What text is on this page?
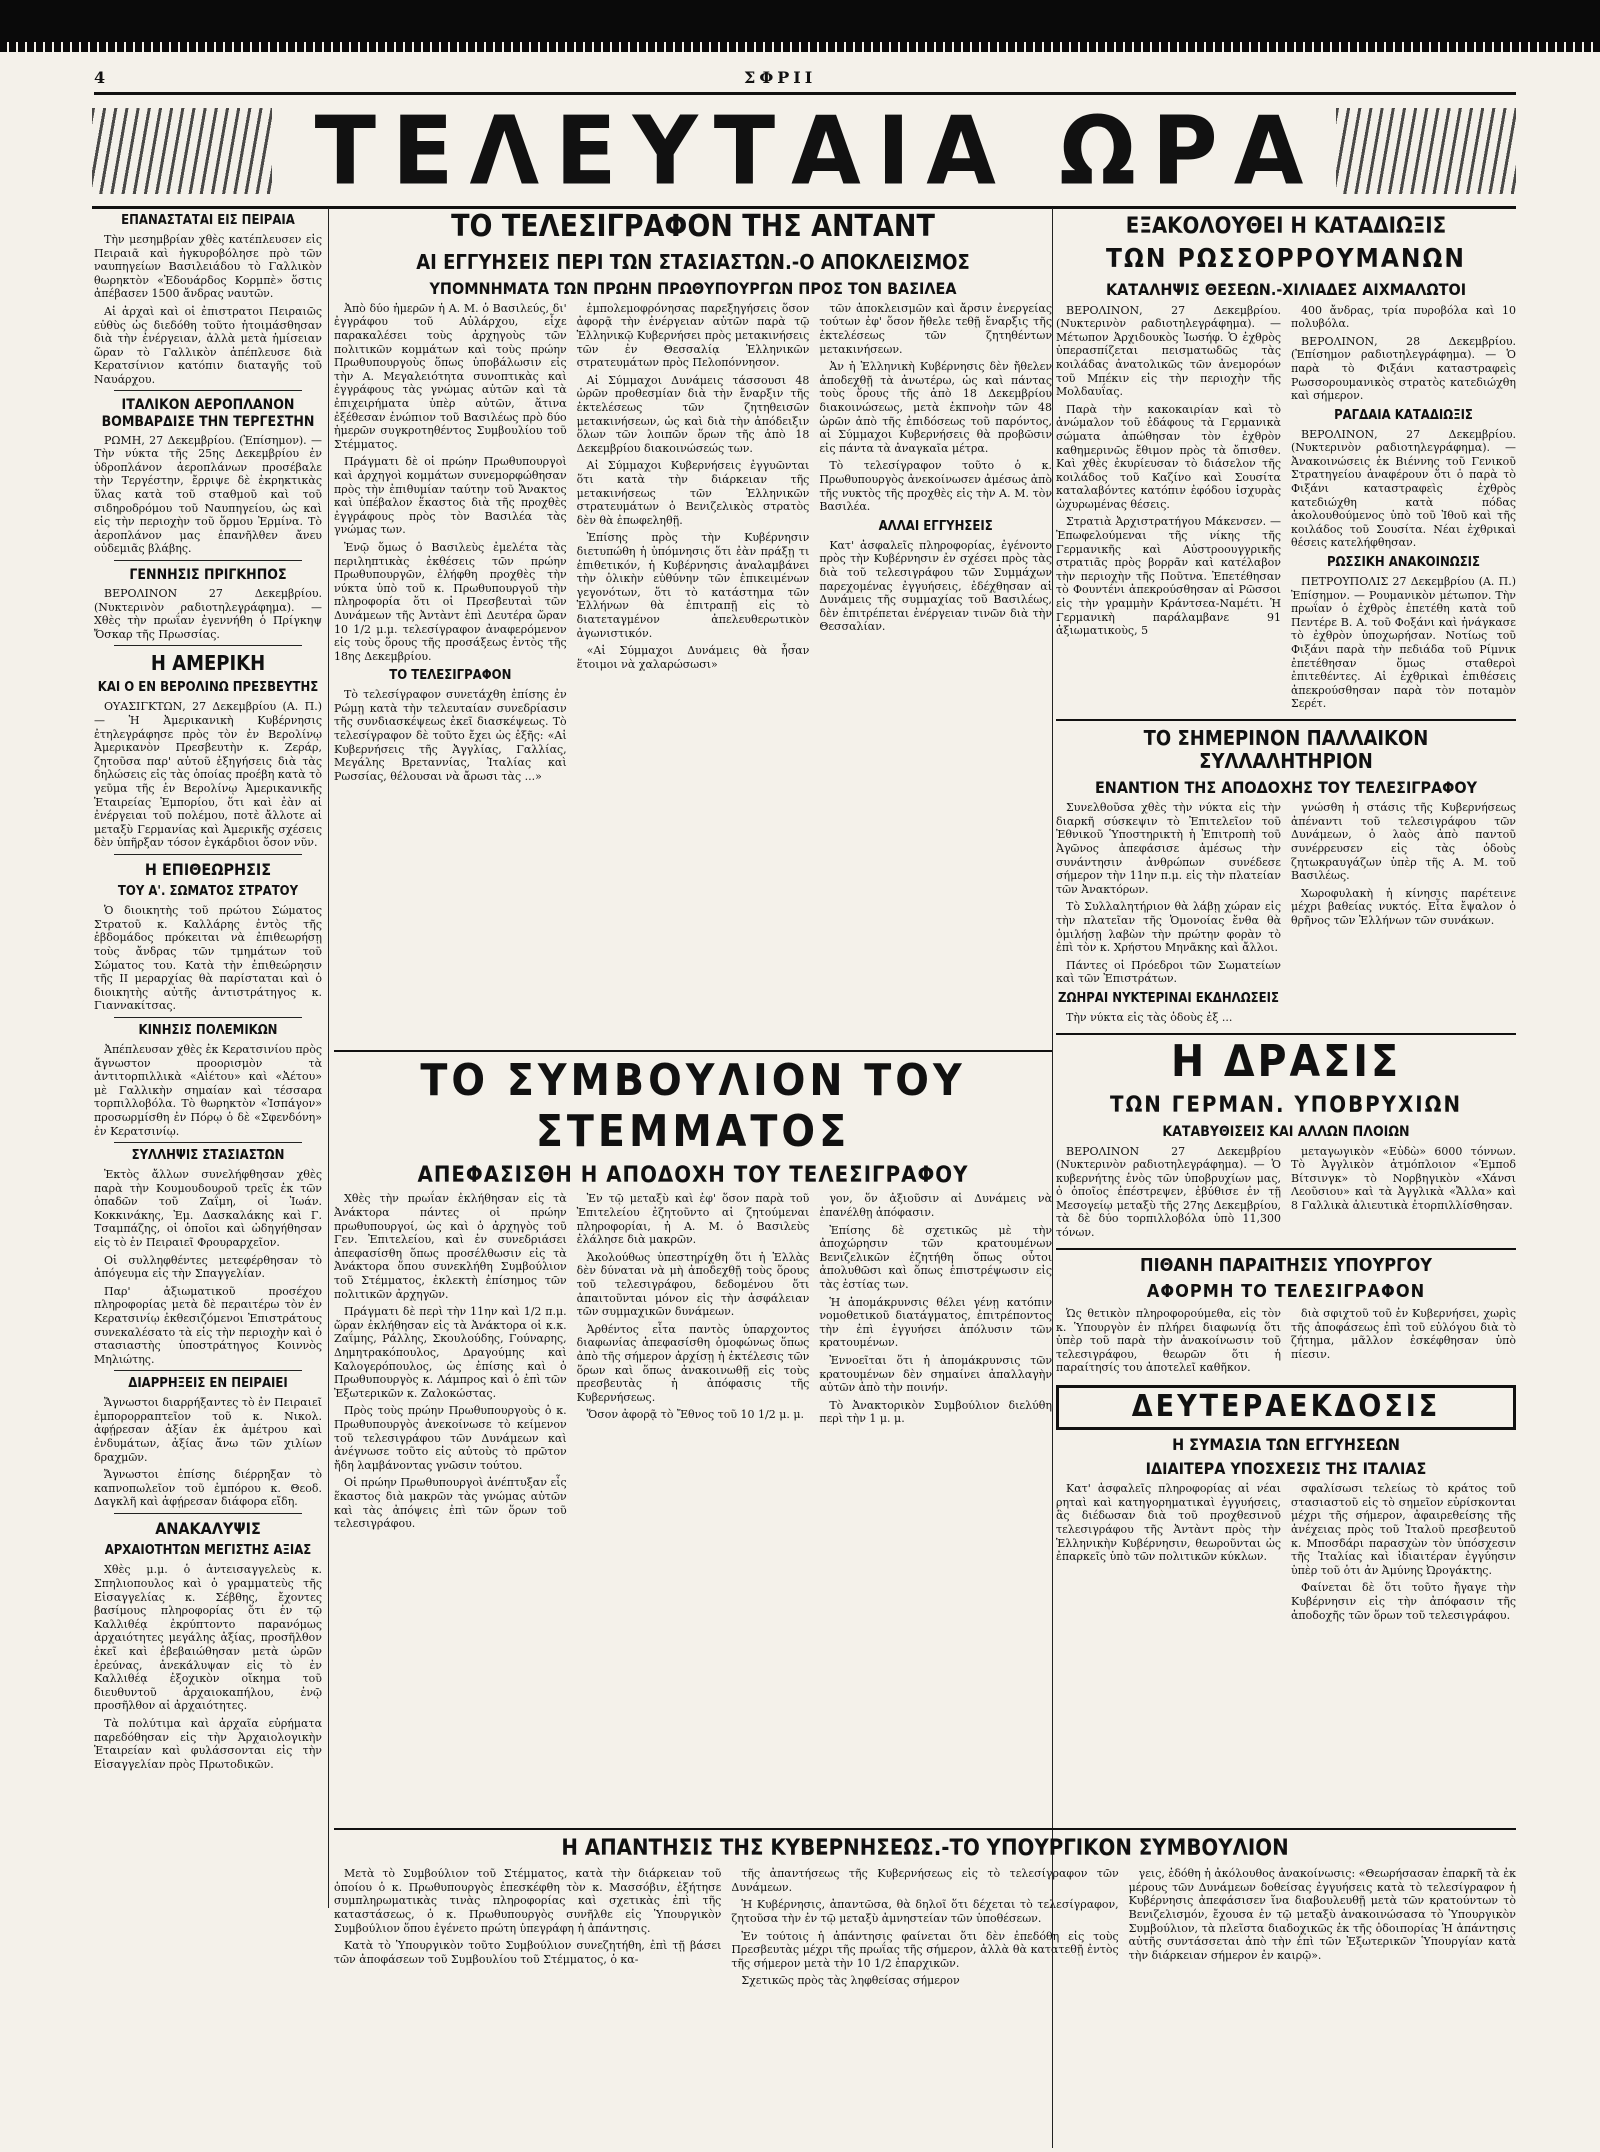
4	ΣΦΡΙΙ
ΤΕΛΕΥΤΑΙΑ ΩΡΑ
ΕΠΑΝΑΣΤΑΤΑΙ ΕΙΣ ΠΕΙΡΑΙΑ

Τὴν μεσημβρίαν χθὲς κατέπλευσεν εἰς Πειραιᾶ καὶ ἠγκυροβόλησε πρὸ τῶν ναυπηγείων Βασιλειάδου τὸ Γαλλικὸν θωρηκτὸν «Ἐδουάρδος Κορμπὲ» ὅστις ἀπέβασεν 1500 ἄνδρας ναυτῶν.

Αἱ ἀρχαὶ καὶ οἱ ἐπιστρατοι Πειραιῶς εὐθὺς ὡς διεδόθη τοῦτο ἠτοιμάσθησαν διὰ τὴν ἐνέργειαν, ἀλλὰ μετὰ ἡμίσειαν ὥραν τὸ Γαλλικὸν ἀπέπλευσε διὰ Κερατσίνιον κατόπιν διαταγῆς τοῦ Ναυάρχου.

ΙΤΑΛΙΚΟΝ ΑΕΡΟΠΛΑΝΟΝ ΒΟΜΒΑΡΔΙΣΕ ΤΗΝ ΤΕΡΓΕΣΤΗΝ

ΡΩΜΗ, 27 Δεκεμβρίου. (Ἐπίσημον). — Τὴν νύκτα τῆς 25ης Δεκεμβρίου ἐν ὑδροπλάνον ἀεροπλάνων προσέβαλε τὴν Τεργέστην, ἔρριψε δὲ ἐκρηκτικὰς ὕλας κατὰ τοῦ σταθμοῦ καὶ τοῦ σιδηροδρόμου τοῦ Ναυπηγείου, ὡς καὶ εἰς τὴν περιοχὴν τοῦ ὅρμου Ἐρμίνα. Τὸ ἀεροπλάνον μας ἐπανῆλθεν ἄνευ οὐδεμιᾶς βλάβης.

ΓΕΝΝΗΣΙΣ ΠΡΙΓΚΗΠΟΣ

ΒΕΡΟΛΙΝΟΝ 27 Δεκεμβρίου. (Νυκτερινὸν ραδιοτηλεγράφημα). — Χθὲς τὴν πρωΐαν ἐγεννήθη ὁ Πρίγκηψ Ὄσκαρ τῆς Πρωσσίας.

Η ΑΜΕΡΙΚΗ
ΚΑΙ Ο ΕΝ ΒΕΡΟΛΙΝΩ ΠΡΕΣΒΕΥΤΗΣ

ΟΥΑΣΙΓΚΤΩΝ, 27 Δεκεμβρίου (Α. Π.) — Ἡ Ἀμερικανικὴ Κυβέρνησις ἐτηλεγράφησε πρὸς τὸν ἐν Βερολίνῳ Ἀμερικανὸν Πρεσβευτὴν κ. Ζεράρ, ζητοῦσα παρ' αὐτοῦ ἐξηγήσεις διὰ τὰς δηλώσεις εἰς τὰς ὁποίας προέβη κατὰ τὸ γεῦμα τῆς ἐν Βερολίνῳ Ἀμερικανικῆς Ἑταιρείας Ἐμπορίου, ὅτι καὶ ἐὰν αἱ ἐνέργειαι τοῦ πολέμου, ποτὲ ἄλλοτε αἱ μεταξὺ Γερμανίας καὶ Ἀμερικῆς σχέσεις δὲν ὑπῆρξαν τόσον ἐγκάρδιοι ὅσον νῦν.

Η ΕΠΙΘΕΩΡΗΣΙΣ
ΤΟΥ Α'. ΣΩΜΑΤΟΣ ΣΤΡΑΤΟΥ

Ὁ διοικητὴς τοῦ πρώτου Σώματος Στρατοῦ κ. Καλλάρης ἐντὸς τῆς ἑβδομάδος πρόκειται νὰ ἐπιθεωρήσῃ τοὺς ἄνδρας τῶν τμημάτων τοῦ Σώματος του. Κατὰ τὴν ἐπιθεώρησιν τῆς ΙΙ μεραρχίας θὰ παρίσταται καὶ ὁ διοικητὴς αὐτῆς ἀντιστράτηγος κ. Γιαννακίτσας.

ΚΙΝΗΣΙΣ ΠΟΛΕΜΙΚΩΝ

Ἀπέπλευσαν χθὲς ἐκ Κερατσινίου πρὸς ἄγνωστον προορισμὸν τὰ ἀντιτορπιλλικὰ «Αἰέτου» καὶ «Ἀέτου» μὲ Γαλλικὴν σημαίαν καὶ τέσσαρα τορπιλλοβόλα. Τὸ θωρηκτὸν «Ἰσπάγον» προσωρμίσθη ἐν Πόρῳ ὁ δὲ «Σφενδόνη» ἐν Κερατσινίῳ.

ΣΥΛΛΗΨΙΣ ΣΤΑΣΙΑΣΤΩΝ

Ἐκτὸς ἄλλων συνελήφθησαν χθὲς παρὰ τὴν Κουμουδουροῦ τρεῖς ἐκ τῶν ὁπαδῶν τοῦ Ζαΐμη, οἱ Ἰωάν. Κοκκινάκης, Ἐμ. Δασκαλάκης καὶ Γ. Τσαμπάζης, οἱ ὁποῖοι καὶ ὡδηγήθησαν εἰς τὸ ἐν Πειραιεῖ Φρουραρχεῖον.

Οἱ συλληφθέντες μετεφέρθησαν τὸ ἀπόγευμα εἰς τὴν Σπαγγελίαν.

Παρ' ἀξιωματικοῦ προσέχου πληροφορίας μετὰ δὲ περαιτέρω τὸν ἐν Κερατσινίῳ ἐκθεσιζόμενοι Ἐπιστράτους συνεκαλέσατο τὰ εἰς τὴν περιοχὴν καὶ ὁ στασιαστὴς ὑποστράτηγος Κοιννὸς Μηλιώτης.

ΔΙΑΡΡΗΞΕΙΣ ΕΝ ΠΕΙΡΑΙΕΙ

Ἄγνωστοι διαρρήξαντες τὸ ἐν Πειραιεῖ ἐμπορορραπτεῖον τοῦ κ. Νικολ. ἀφῄρεσαν ἀξίαν ἐκ ἀμέτρου καὶ ἐνδυμάτων, ἀξίας ἄνω τῶν χιλίων δραχμῶν.

Ἄγνωστοι ἐπίσης διέρρηξαν τὸ καπνοπωλεῖον τοῦ ἐμπόρου κ. Θεοδ. Δαγκλῆ καὶ ἀφῄρεσαν διάφορα εἴδη.

ΑΝΑΚΑΛΥΨΙΣ
ΑΡΧΑΙΟΤΗΤΩΝ ΜΕΓΙΣΤΗΣ ΑΞΙΑΣ

Χθὲς μ.μ. ὁ ἀντεισαγγελεὺς κ. Σπηλιοπουλος καὶ ὁ γραμματεὺς τῆς Εἰσαγγελίας κ. Σέβθης, ἔχοντες βασίμους πληροφορίας ὅτι ἐν τῷ Καλλιθέᾳ ἐκρύπτοντο παρανόμως ἀρχαιότητες μεγάλης ἀξίας, προσῆλθον ἐκεῖ καὶ ἐβεβαιώθησαν μετὰ ὠρῶν ἐρεύνας, ἀνεκάλυψαν εἰς τὸ ἐν Καλλιθέᾳ ἐξοχικὸν οἴκημα τοῦ διευθυντοῦ ἀρχαιοκαπήλου, ἐνῷ προσῆλθον αἱ ἀρχαιότητες.

Τὰ πολύτιμα καὶ ἀρχαῖα εὑρήματα παρεδόθησαν εἰς τὴν Ἀρχαιολογικὴν Ἑταιρείαν καὶ φυλάσσονται εἰς τὴν Εἰσαγγελίαν πρὸς Πρωτοδικῶν.

ΤΟ ΤΕΛΕΣΙΓΡΑΦΟΝ ΤΗΣ ΑΝΤΑΝΤ
ΑΙ ΕΓΓΥΗΣΕΙΣ ΠΕΡΙ ΤΩΝ ΣΤΑΣΙΑΣΤΩΝ.-Ο ΑΠΟΚΛΕΙΣΜΟΣ
ΥΠΟΜΝΗΜΑΤΑ ΤΩΝ ΠΡΩΗΝ ΠΡΩΘΥΠΟΥΡΓΩΝ ΠΡΟΣ ΤΟΝ ΒΑΣΙΛΕΑ

Ἀπὸ δύο ἡμερῶν ἡ Α. Μ. ὁ Βασιλεύς, δι' ἐγγράφου τοῦ Αὐλάρχου, εἶχε παρακαλέσει τοὺς ἀρχηγοὺς τῶν πολιτικῶν κομμάτων καὶ τοὺς πρώην Πρωθυπουργοὺς ὅπως ὑποβάλωσιν εἰς τὴν Α. Μεγαλειότητα συνοπτικὰς καὶ ἐγγράφους τὰς γνώμας αὐτῶν καὶ τὰ ἐπιχειρήματα ὑπὲρ αὐτῶν, ἅτινα ἐξέθεσαν ἐνώπιον τοῦ Βασιλέως πρὸ δύο ἡμερῶν συγκροτηθέντος Συμβουλίου τοῦ Στέμματος.

Πράγματι δὲ οἱ πρώην Πρωθυπουργοὶ καὶ ἀρχηγοὶ κομμάτων συνεμορφώθησαν πρὸς τὴν ἐπιθυμίαν ταύτην τοῦ Ἄνακτος καὶ ὑπέβαλον ἕκαστος διὰ τῆς προχθὲς ἐγγράφους πρὸς τὸν Βασιλέα τὰς γνώμας των.

Ἐνῷ ὅμως ὁ Βασιλεὺς ἐμελέτα τὰς περιληπτικὰς ἐκθέσεις τῶν πρώην Πρωθυπουργῶν, ἐλήφθη προχθὲς τὴν νύκτα ὑπὸ τοῦ κ. Πρωθυπουργοῦ τὴν πληροφορία ὅτι οἱ Πρεσβευταὶ τῶν Δυνάμεων τῆς Ἀντὰντ ἐπὶ Δευτέρα ὥραν 10 1/2 μ.μ. τελεσίγραφον ἀναφερόμενον εἰς τοὺς ὅρους τῆς προσάξεως ἐντὸς τῆς 18ης Δεκεμβρίου.

ΤΟ ΤΕΛΕΣΙΓΡΑΦΟΝ

Τὸ τελεσίγραφον συνετάχθη ἐπίσης ἐν Ρώμῃ κατὰ τὴν τελευταίαν συνεδρίασιν τῆς συνδιασκέψεως ἐκεῖ διασκέψεως. Τὸ τελεσίγραφον δὲ τοῦτο ἔχει ὡς ἑξῆς: «Αἱ Κυβερνήσεις τῆς Ἀγγλίας, Γαλλίας, Μεγάλης Βρεταννίας, Ἰταλίας καὶ Ρωσσίας, θέλουσαι νὰ ἄρωσι τὰς ...»

ἐμπολεμοφρόνησας παρεξηγήσεις ὅσον ἀφορᾷ τὴν ἐνέργειαν αὐτῶν παρὰ τῷ Ἑλληνικῷ Κυβερνήσει πρὸς μετακινήσεις τῶν ἐν Θεσσαλίᾳ Ἑλληνικῶν στρατευμάτων πρὸς Πελοπόννησον.

Αἱ Σύμμαχοι Δυνάμεις τάσσουσι 48 ὡρῶν προθεσμίαν διὰ τὴν ἔναρξιν τῆς ἐκτελέσεως τῶν ζητηθεισῶν μετακινήσεων, ὡς καὶ διὰ τὴν ἀπόδειξιν ὅλων τῶν λοιπῶν ὅρων τῆς ἀπὸ 18 Δεκεμβρίου διακοινώσεώς των.

Αἱ Σύμμαχοι Κυβερνήσεις ἐγγυῶνται ὅτι κατὰ τὴν διάρκειαν τῆς μετακινήσεως τῶν Ἑλληνικῶν στρατευμάτων ὁ Βενιζελικὸς στρατὸς δὲν θὰ ἐπωφεληθῇ.

Ἐπίσης πρὸς τὴν Κυβέρνησιν διετυπώθη ἡ ὑπόμνησις ὅτι ἐὰν πράξῃ τι ἐπιθετικόν, ἡ Κυβέρνησις ἀναλαμβάνει τὴν ὁλικὴν εὐθύνην τῶν ἐπικειμένων γεγονότων, ὅτι τὸ κατάστημα τῶν Ἑλλήνων θὰ ἐπιτραπῇ εἰς τὸ διατεταγμένον ἀπελευθερωτικὸν ἀγωνιστικόν.

«Αἱ Σύμμαχοι Δυνάμεις θὰ ἦσαν ἕτοιμοι νὰ χαλαρώσωσι»

τῶν ἀποκλεισμῶν καὶ ἄρσιν ἐνεργείας τούτων ἐφ' ὅσον ἤθελε τεθῇ ἔναρξις τῆς ἐκτελέσεως τῶν ζητηθέντων μετακινήσεων.

Ἀν ἡ Ἑλληνικὴ Κυβέρνησις δὲν ἤθελεν ἀποδεχθῇ τὰ ἀνωτέρω, ὡς καὶ πάντας τοὺς ὅρους τῆς ἀπὸ 18 Δεκεμβρίου διακοινώσεως, μετὰ ἐκπνοὴν τῶν 48 ὡρῶν ἀπὸ τῆς ἐπιδόσεως τοῦ παρόντος, αἱ Σύμμαχοι Κυβερνήσεις θὰ προβῶσιν εἰς πάντα τὰ ἀναγκαῖα μέτρα.

Τὸ τελεσίγραφον τοῦτο ὁ κ. Πρωθυπουργὸς ἀνεκοίνωσεν ἀμέσως ἀπὸ τῆς νυκτὸς τῆς προχθὲς εἰς τὴν Α. Μ. τὸν Βασιλέα.

ΑΛΛΑΙ ΕΓΓΥΗΣΕΙΣ

Κατ' ἀσφαλεῖς πληροφορίας, ἐγένοντο πρὸς τὴν Κυβέρνησιν ἐν σχέσει πρὸς τὰς διὰ τοῦ τελεσιγράφου τῶν Συμμάχων παρεχομένας ἐγγυήσεις, ἐδέχθησαν αἱ Δυνάμεις τῆς συμμαχίας τοῦ Βασιλέως, δὲν ἐπιτρέπεται ἐνέργειαν τινῶν διὰ τὴν Θεσσαλίαν.

ΤΟ ΣΥΜΒΟΥΛΙΟΝ ΤΟΥ ΣΤΕΜΜΑΤΟΣ
ΑΠΕΦΑΣΙΣΘΗ Η ΑΠΟΔΟΧΗ ΤΟΥ ΤΕΛΕΣΙΓΡΑΦΟΥ

Χθὲς τὴν πρωΐαν ἐκλήθησαν εἰς τὰ Ἀνάκτορα πάντες οἱ πρώην πρωθυπουργοί, ὡς καὶ ὁ ἀρχηγὸς τοῦ Γεν. Ἐπιτελείου, καὶ ἐν συνεδριάσει ἀπεφασίσθη ὅπως προσέλθωσιν εἰς τὰ Ἀνάκτορα ὅπου συνεκλήθη Συμβούλιον τοῦ Στέμματος, ἐκλεκτὴ ἐπίσημος τῶν πολιτικῶν ἀρχηγῶν.

Πράγματι δὲ περὶ τὴν 11ην καὶ 1/2 π.μ. ὥραν ἐκλήθησαν εἰς τὰ Ἀνάκτορα οἱ κ.κ. Ζαΐμης, Ράλλης, Σκουλούδης, Γούναρης, Δημητρακόπουλος, Δραγούμης καὶ Καλογερόπουλος, ὡς ἐπίσης καὶ ὁ Πρωθυπουργὸς κ. Λάμπρος καὶ ὁ ἐπὶ τῶν Ἐξωτερικῶν κ. Ζαλοκώστας.

Πρὸς τοὺς πρώην Πρωθυπουργοὺς ὁ κ. Πρωθυπουργὸς ἀνεκοίνωσε τὸ κείμενον τοῦ τελεσιγράφου τῶν Δυνάμεων καὶ ἀνέγνωσε τοῦτο εἰς αὐτοὺς τὸ πρῶτον ἤδη λαμβάνοντας γνῶσιν τούτου.

Οἱ πρώην Πρωθυπουργοὶ ἀνέπτυξαν εἷς ἕκαστος διὰ μακρῶν τὰς γνώμας αὐτῶν καὶ τὰς ἀπόψεις ἐπὶ τῶν ὅρων τοῦ τελεσιγράφου.

Ἐν τῷ μεταξὺ καὶ ἐφ' ὅσον παρὰ τοῦ Ἐπιτελείου ἐζητοῦντο αἱ ζητούμεναι πληροφορίαι, ἡ Α. Μ. ὁ Βασιλεὺς ἐλάλησε διὰ μακρῶν.

Ἀκολούθως ὑπεστηρίχθη ὅτι ἡ Ἑλλὰς δὲν δύναται νὰ μὴ ἀποδεχθῇ τοὺς ὅρους τοῦ τελεσιγράφου, δεδομένου ὅτι ἀπαιτοῦνται μόνον εἰς τὴν ἀσφάλειαν τῶν συμμαχικῶν δυνάμεων.

Ἀρθέντος εἶτα παντὸς ὑπαρχοντος διαφωνίας ἀπεφασίσθη ὁμοφώνως ὅπως ἀπὸ τῆς σήμερον ἀρχίσῃ ἡ ἐκτέλεσις τῶν ὅρων καὶ ὅπως ἀνακοινωθῇ εἰς τοὺς πρεσβευτὰς ἡ ἀπόφασις τῆς Κυβερνήσεως.

Ὅσον ἀφορᾷ τὸ Ἔθνος τοῦ 10 1/2 μ. μ.

γον, ὅν ἀξιοῦσιν αἱ Δυνάμεις νὰ ἐπανέλθῃ ἀπόφασιν.

Ἐπίσης δὲ σχετικῶς μὲ τὴν ἀποχώρησιν τῶν κρατουμένων Βενιζελικῶν ἐζητήθη ὅπως οὗτοι ἀπολυθῶσι καὶ ὅπως ἐπιστρέψωσιν εἰς τὰς ἐστίας των.

Ἡ ἀπομάκρυνσις θέλει γένῃ κατόπιν νομοθετικοῦ διατάγματος, ἐπιτρέποντος τὴν ἐπὶ ἐγγυήσει ἀπόλυσιν τῶν κρατουμένων.

Ἐννοεῖται ὅτι ἡ ἀπομάκρυνσις τῶν κρατουμένων δὲν σημαίνει ἀπαλλαγὴν αὐτῶν ἀπὸ τὴν ποινήν.

Τὸ Ἀνακτορικὸν Συμβούλιον διελύθη περὶ τὴν 1 μ. μ.

Η ΑΠΑΝΤΗΣΙΣ ΤΗΣ ΚΥΒΕΡΝΗΣΕΩΣ.-ΤΟ ΥΠΟΥΡΓΙΚΟΝ ΣΥΜΒΟΥΛΙΟΝ

Μετὰ τὸ Συμβούλιον τοῦ Στέμματος, κατὰ τὴν διάρκειαν τοῦ ὁποίου ὁ κ. Πρωθυπουργὸς ἐπεσκέφθη τὸν κ. Μασσόβιν, ἐξήτησε συμπληρωματικὰς τινὰς πληροφορίας καὶ σχετικὰς ἐπὶ τῆς καταστάσεως, ὁ κ. Πρωθυπουργὸς συνῆλθε εἰς Ὑπουργικὸν Συμβούλιον ὅπου ἐγένετο πρώτη ὑπεγράφη ἡ ἀπάντησις.

Κατὰ τὸ Ὑπουργικὸν τοῦτο Συμβούλιον συνεζητήθη, ἐπὶ τῇ βάσει τῶν ἀποφάσεων τοῦ Συμβουλίου τοῦ Στέμματος, ὁ κα-

τῆς ἀπαντήσεως τῆς Κυβερνήσεως εἰς τὸ τελεσίγραφον τῶν Δυνάμεων.

Ἡ Κυβέρνησις, ἀπαντῶσα, θὰ δηλοῖ ὅτι δέχεται τὸ τελεσίγραφον, ζητοῦσα τὴν ἐν τῷ μεταξὺ ἀμνηστείαν τῶν ὑποθέσεων.

Ἐν τούτοις ἡ ἀπάντησις φαίνεται ὅτι δὲν ἐπεδόθη εἰς τοὺς Πρεσβευτὰς μέχρι τῆς πρωΐας τῆς σήμερον, ἀλλὰ θὰ κατατεθῇ ἐντὸς τῆς σήμερον μετὰ τὴν 10 1/2 ἐπαρχικῶν.

Σχετικῶς πρὸς τὰς ληφθείσας σήμερον

γεις, ἐδόθη ἡ ἀκόλουθος ἀνακοίνωσις: «Θεωρήσασαν ἐπαρκῆ τὰ ἐκ μέρους τῶν Δυνάμεων δοθείσας ἐγγυήσεις κατὰ τὸ τελεσίγραφον ἡ Κυβέρνησις ἀπεφάσισεν ἵνα διαβουλευθῇ μετὰ τῶν κρατούντων τὸ Βενιζελισμόν, ἔχουσα ἐν τῷ μεταξὺ ἀνακοινώσασα τὸ Ὑπουργικὸν Συμβούλιον, τὰ πλεῖστα διαδοχικῶς ἐκ τῆς ὁδοιπορίας Ἡ ἀπάντησις αὐτῆς συντάσσεται ἀπὸ τὴν ἐπὶ τῶν Ἐξωτερικῶν Ὑπουργίαν κατὰ τὴν διάρκειαν σήμερον ἐν καιρῷ».

ΕΞΑΚΟΛΟΥΘΕΙ Η ΚΑΤΑΔΙΩΞΙΣ
ΤΩΝ ΡΩΣΣΟΡΡΟΥΜΑΝΩΝ
ΚΑΤΑΛΗΨΙΣ ΘΕΣΕΩΝ.-ΧΙΛΙΑΔΕΣ ΑΙΧΜΑΛΩΤΟΙ

ΒΕΡΟΛΙΝΟΝ, 27 Δεκεμβρίου. (Νυκτερινὸν ραδιοτηλεγράφημα). — Μέτωπον Ἀρχιδουκὸς Ἰωσήφ. Ὁ ἐχθρὸς ὑπερασπίζεται πεισματωδῶς τὰς κοιλάδας ἀνατολικῶς τῶν ἀνεμορόων τοῦ Μπέκιν εἰς τὴν περιοχὴν τῆς Μολδαυΐας.

Παρὰ τὴν κακοκαιρίαν καὶ τὸ ἀνώμαλον τοῦ ἐδάφους τὰ Γερμανικὰ σώματα ἀπώθησαν τὸν ἐχθρὸν καθημερινῶς ἔθιμον πρὸς τὰ ὄπισθεν. Καὶ χθὲς ἐκυρίευσαν τὸ διάσελον τῆς κοιλάδος τοῦ Καζίνο καὶ Σουσίτα καταλαβόντες κατόπιν ἐφόδου ἰσχυρὰς ὠχυρωμένας θέσεις.

Στρατιὰ Ἀρχιστρατήγου Μάκενσεν. — Ἐπωφελούμεναι τῆς νίκης τῆς Γερμανικῆς καὶ Αὐστροουγγρικῆς στρατιᾶς πρὸς βορρᾶν καὶ κατέλαβον τὴν περιοχὴν τῆς Ποῦτνα. Ἐπετέθησαν τὸ Φουντένι ἀπεκρούσθησαν αἱ Ρῶσσοι εἰς τὴν γραμμὴν Κράντσεα-Ναμέτι. Ἡ Γερμανικὴ παράλαμβανε 91 ἀξιωματικοὺς, 5

400 ἄνδρας, τρία πυροβόλα καὶ 10 πολυβόλα.

ΒΕΡΟΛΙΝΟΝ, 28 Δεκεμβρίου. (Ἐπίσημον ραδιοτηλεγράφημα). — Ὁ παρὰ τὸ Φιξάνι καταστραφεὶς Ρωσσορουμανικὸς στρατὸς κατεδιώχθη καὶ σήμερον.

ΡΑΓΔΑΙΑ ΚΑΤΑΔΙΩΞΙΣ

ΒΕΡΟΛΙΝΟΝ, 27 Δεκεμβρίου. (Νυκτερινὸν ραδιοτηλεγράφημα). — Ἀνακοινώσεις ἐκ Βιέννης τοῦ Γενικοῦ Στρατηγείου ἀναφέρουν ὅτι ὁ παρὰ τὸ Φιξάνι καταστραφεὶς ἐχθρὸς κατεδιώχθη κατὰ πόδας ἀκολουθούμενος ὑπὸ τοῦ Ἰθοῦ καὶ τῆς κοιλάδος τοῦ Σουσίτα. Νέαι ἐχθρικαὶ θέσεις κατελήφθησαν.

ΡΩΣΣΙΚΗ ΑΝΑΚΟΙΝΩΣΙΣ

ΠΕΤΡΟΥΠΟΛΙΣ 27 Δεκεμβρίου (Α. Π.) Ἐπίσημον. — Ρουμανικὸν μέτωπον. Τὴν πρωΐαν ὁ ἐχθρὸς ἐπετέθη κατὰ τοῦ Πεντέρε Β. Α. τοῦ Φοξάνι καὶ ἠνάγκασε τὸ ἐχθρὸν ὑποχωρήσαν. Νοτίως τοῦ Φιξάνι παρὰ τὴν πεδιάδα τοῦ Ρίμνικ ἐπετέθησαν ὅμως σταθεροὶ ἐπιτεθέντες. Αἱ ἐχθρικαὶ ἐπιθέσεις ἀπεκρούσθησαν παρὰ τὸν ποταμὸν Σερέτ.

ΤΟ ΣΗΜΕΡΙΝΟΝ ΠΑΛΛΑΙΚΟΝ ΣΥΛΛΑΛΗΤΗΡΙΟΝ
ΕΝΑΝΤΙΟΝ ΤΗΣ ΑΠΟΔΟΧΗΣ ΤΟΥ ΤΕΛΕΣΙΓΡΑΦΟΥ

Συνελθοῦσα χθὲς τὴν νύκτα εἰς τὴν διαρκῆ σύσκεψιν τὸ Ἐπιτελεῖον τοῦ Ἐθνικοῦ Ὑποστηρικτὴ ἡ Ἐπιτροπὴ τοῦ Ἀγῶνος ἀπεφάσισε ἀμέσως τὴν συνάντησιν ἀνθρώπων συνέδεσε σήμερον τὴν 11ην π.μ. εἰς τὴν πλατείαν τῶν Ἀνακτόρων.

Τὸ Συλλαλητήριον θὰ λάβῃ χώραν εἰς τὴν πλατεῖαν τῆς Ὁμονοίας ἔνθα θὰ ὁμιλήσῃ λαβὼν τὴν πρώτην φορὰν τὸ ἐπὶ τὸν κ. Χρήστου Μηνᾶκης καὶ ἄλλοι.

Πάντες οἱ Πρόεδροι τῶν Σωματείων καὶ τῶν Ἐπιστράτων.

ΖΩΗΡΑΙ ΝΥΚΤΕΡΙΝΑΙ ΕΚΔΗΛΩΣΕΙΣ

Τὴν νύκτα εἰς τὰς ὁδοὺς ἐξ ...

γνώσθη ἡ στάσις τῆς Κυβερνήσεως ἀπέναντι τοῦ τελεσιγράφου τῶν Δυνάμεων, ὁ λαὸς ἀπὸ παντοῦ συνέρρευσεν εἰς τὰς ὁδοὺς ζητωκραυγάζων ὑπὲρ τῆς Α. Μ. τοῦ Βασιλέως.

Χωροφυλακὴ ἡ κίνησις παρέτεινε μέχρι βαθείας νυκτός. Εἶτα ἔψαλον ὁ θρῆνος τῶν Ἐλλήνων τῶν συνάκων.

Η ΔΡΑΣΙΣ
ΤΩΝ ΓΕΡΜΑΝ. ΥΠΟΒΡΥΧΙΩΝ
ΚΑΤΑΒΥΘΙΣΕΙΣ ΚΑΙ ΑΛΛΩΝ ΠΛΟΙΩΝ

ΒΕΡΟΛΙΝΟΝ 27 Δεκεμβρίου (Νυκτερινὸν ραδιοτηλεγράφημα). — Ὁ κυβερνήτης ἑνὸς τῶν ὑποβρυχίων μας, ὁ ὁποῖος ἐπέστρεψεν, ἐβύθισε ἐν τῇ Μεσογείῳ μεταξὺ τῆς 27ης Δεκεμβρίου, τὰ δὲ δύο τορπιλλοβόλα ὑπὸ 11,300 τόνων.

μεταγωγικὸν «Εὐδὼ» 6000 τόννων. Τὸ Ἀγγλικὸν ἀτμόπλοιον «Ἐμποδ Βίτσινγκ» τὸ Νορβηγικὸν «Χάνσι Λεοῦσιου» καὶ τὰ Ἀγγλικὰ «Ἄλλα» καὶ 8 Γαλλικὰ ἁλιευτικὰ ἐτορπιλλίσθησαν.

ΠΙΘΑΝΗ ΠΑΡΑΙΤΗΣΙΣ ΥΠΟΥΡΓΟΥ
ΑΦΟΡΜΗ ΤΟ ΤΕΛΕΣΙΓΡΑΦΟΝ

Ὡς θετικὸν πληροφορούμεθα, εἰς τὸν κ. Ὑπουργὸν ἐν πλήρει διαφωνίᾳ ὅτι ὑπὲρ τοῦ παρὰ τὴν ἀνακοίνωσιν τοῦ τελεσιγράφου, θεωρῶν ὅτι ἡ παραίτησίς του ἀποτελεῖ καθῆκον.

διὰ σφιχτοῦ τοῦ ἐν Κυβερνήσει, χωρὶς τῆς ἀποφάσεως ἐπὶ τοῦ εὐλόγου διὰ τὸ ζήτημα, μᾶλλον ἐσκέφθησαν ὑπὸ πίεσιν.

ΔΕΥΤΕΡΑΕΚΔΟΣΙΣ
Η ΣΥΜΑΣΙΑ ΤΩΝ ΕΓΓΥΗΣΕΩΝ
ΙΔΙΑΙΤΕΡΑ ΥΠΟΣΧΕΣΙΣ ΤΗΣ ΙΤΑΛΙΑΣ

Κατ' ἀσφαλεῖς πληροφορίας αἱ νέαι ρηταὶ καὶ κατηγορηματικαὶ ἐγγυήσεις, ἃς διέδωσαν διὰ τοῦ προχθεσινοῦ τελεσιγράφου τῆς Ἀντὰντ πρὸς τὴν Ἑλληνικὴν Κυβέρνησιν, θεωροῦνται ὡς ἐπαρκεῖς ὑπὸ τῶν πολιτικῶν κύκλων.

σφαλίσωσι τελείως τὸ κράτος τοῦ στασιαστοῦ εἰς τὸ σημεῖον εὑρίσκονται μέχρι τῆς σήμερον, ἀφαιρεθείσης τῆς ἀνέχειας πρὸς τοῦ Ἰταλοῦ πρεσβευτοῦ κ. Μποσδάρι παρασχὼν τὸν ὑπόσχεσιν τῆς Ἰταλίας καὶ ἰδιαιτέραν ἐγγύησιν ὑπὲρ τοῦ ὁτι ἀν Ἀμύνης Ὠρογάκτης.

Φαίνεται δὲ ὅτι τοῦτο ἤγαγε τὴν Κυβέρνησιν εἰς τὴν ἀπόφασιν τῆς ἀποδοχῆς τῶν ὅρων τοῦ τελεσιγράφου.
